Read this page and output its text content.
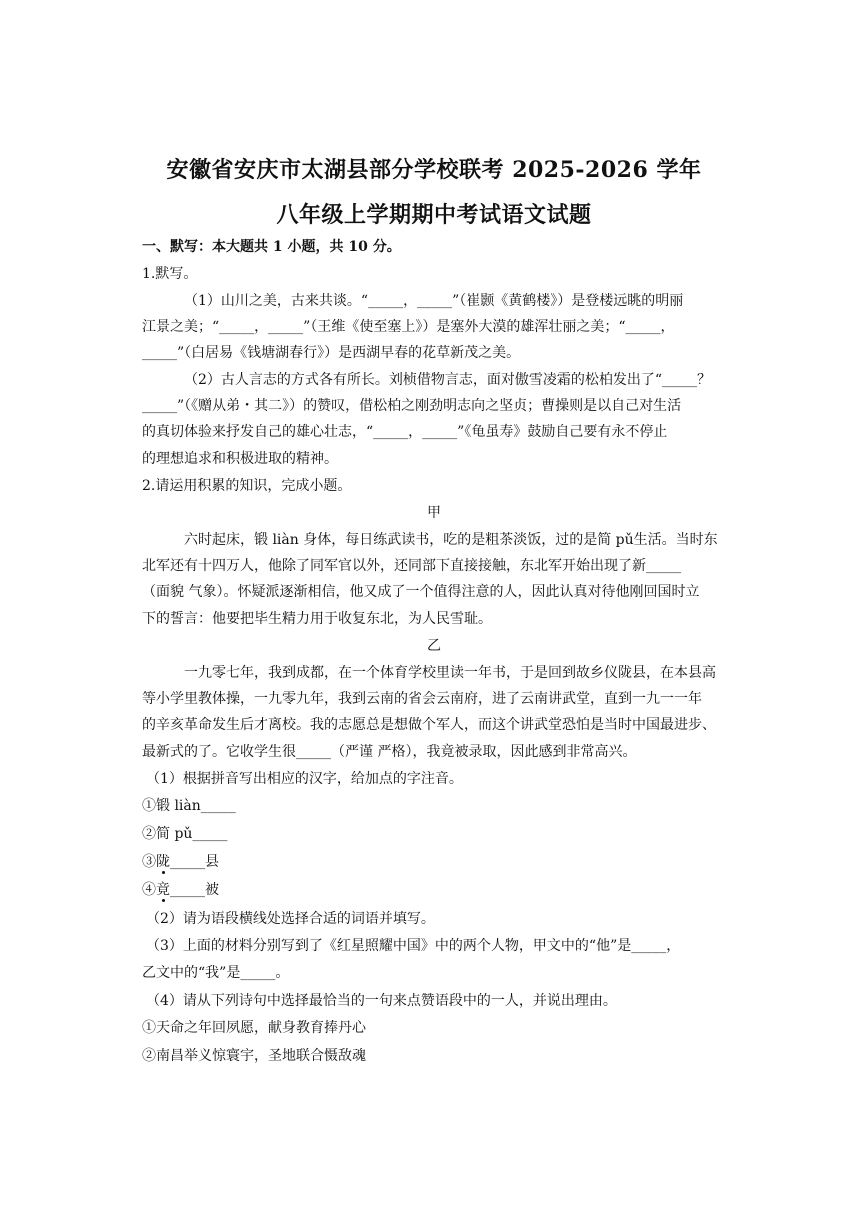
安徽省安庆市太湖县部分学校联考 2025-2026 学年
八年级上学期期中考试语文试题
一、默写：本大题共 1 小题，共 10 分。
1.默写。
（1）山川之美，古来共谈。“_____，_____”（崔颢《黄鹤楼》）是登楼远眺的明丽
江景之美；“_____，_____”（王维《使至塞上》）是塞外大漠的雄浑壮丽之美；“_____，
_____”（白居易《钱塘湖春行》）是西湖早春的花草新茂之美。
（2）古人言志的方式各有所长。刘桢借物言志，面对傲雪凌霜的松柏发出了“_____？
_____”（《赠从弟・其二》）的赞叹，借松柏之刚劲明志向之坚贞；曹操则是以自己对生活
的真切体验来抒发自己的雄心壮志，“_____，_____”《龟虽寿》鼓励自己要有永不停止
的理想追求和积极进取的精神。
2.请运用积累的知识，完成小题。
甲
六时起床，锻 liàn 身体，每日练武读书，吃的是粗茶淡饭，过的是简 pǔ生活。当时东
北军还有十四万人，他除了同军官以外，还同部下直接接触，东北军开始出现了新_____
（面貌 气象）。怀疑派逐渐相信，他又成了一个值得注意的人，因此认真对待他刚回国时立
下的誓言：他要把毕生精力用于收复东北，为人民雪耻。
乙
一九零七年，我到成都，在一个体育学校里读一年书，于是回到故乡仪陇县，在本县高
等小学里教体操，一九零九年，我到云南的省会云南府，进了云南讲武堂，直到一九一一年
的辛亥革命发生后才离校。我的志愿总是想做个军人，而这个讲武堂恐怕是当时中国最进步、
最新式的了。它收学生很_____（严谨 严格），我竟被录取，因此感到非常高兴。
（1）根据拼音写出相应的汉字，给加点的字注音。
①锻 liàn_____
②简 pǔ_____
③陇_____县
④竟_____被
（2）请为语段横线处选择合适的词语并填写。
（3）上面的材料分别写到了《红星照耀中国》中的两个人物，甲文中的“他”是_____，
乙文中的“我”是_____。
（4）请从下列诗句中选择最恰当的一句来点赞语段中的一人，并说出理由。
①天命之年回夙愿，献身教育捧丹心
②南昌举义惊寰宇，圣地联合慑敌魂
